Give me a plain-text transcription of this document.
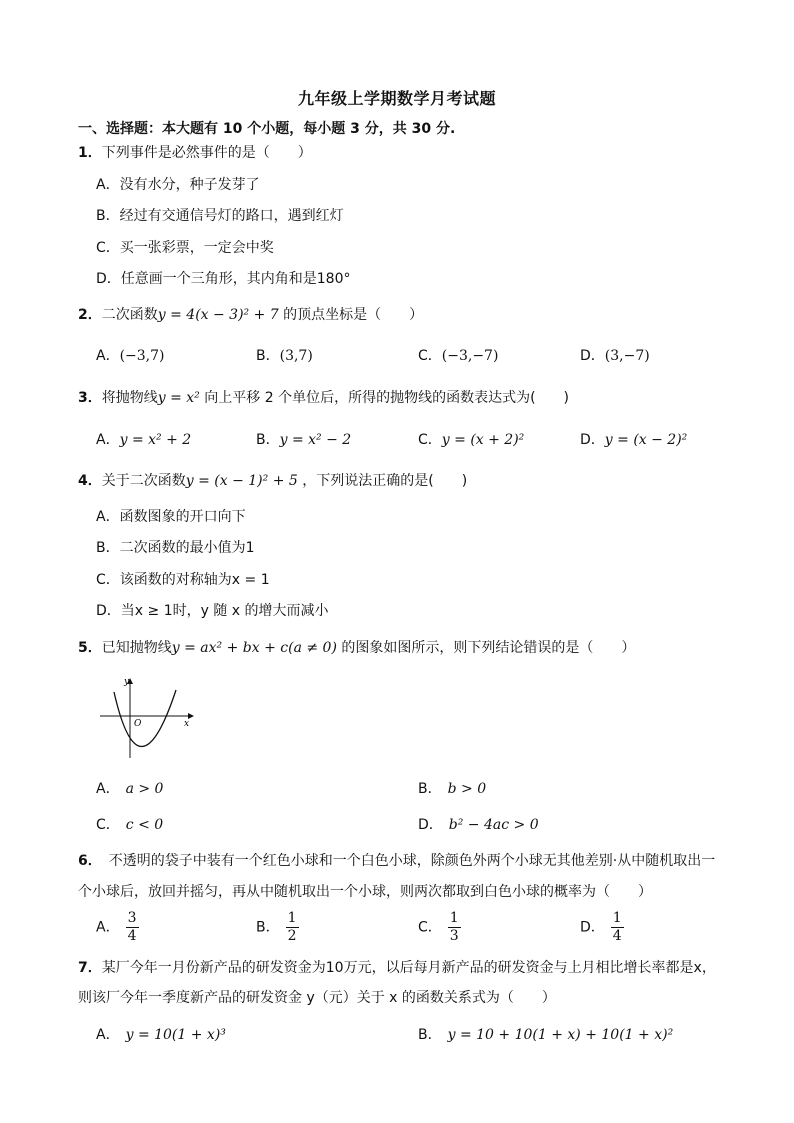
九年级上学期数学月考试题
一、选择题：本大题有 10 个小题，每小题 3 分，共 30 分.
1．下列事件是必然事件的是（　　）
A．没有水分，种子发芽了
B．经过有交通信号灯的路口，遇到红灯
C．买一张彩票，一定会中奖
D．任意画一个三角形，其内角和是180°
2．二次函数y = 4(x − 3)² + 7 的顶点坐标是（　　）
A．(−3,7)	B．(3,7)	C．(−3,−7)	D．(3,−7)
3．将抛物线y = x² 向上平移 2 个单位后，所得的抛物线的函数表达式为(　　)
A．y = x² + 2	B．y = x² − 2	C．y = (x + 2)²	D．y = (x − 2)²
4．关于二次函数y = (x − 1)² + 5 ，下列说法正确的是(　　)
A．函数图象的开口向下
B．二次函数的最小值为1
C．该函数的对称轴为x = 1
D．当x ≥ 1时，y 随 x 的增大而减小
5．已知抛物线y = ax² + bx + c(a ≠ 0) 的图象如图所示，则下列结论错误的是（　　）
y
O	x
A． a > 0	B． b > 0
C． c < 0	D． b² − 4ac > 0
6．　不透明的袋子中装有一个红色小球和一个白色小球，除颜色外两个小球无其他差别·从中随机取出一
个小球后，放回并摇匀，再从中随机取出一个小球，则两次都取到白色小球的概率为（　　）
A． $\frac{3}{4}$	B． $\frac{1}{2}$	C． $\frac{1}{3}$	D． $\frac{1}{4}$
7．某厂今年一月份新产品的研发资金为10万元，以后每月新产品的研发资金与上月相比增长率都是x，
则该厂今年一季度新产品的研发资金 y（元）关于 x 的函数关系式为（　　）
A． y = 10(1 + x)³	B． y = 10 + 10(1 + x) + 10(1 + x)²
